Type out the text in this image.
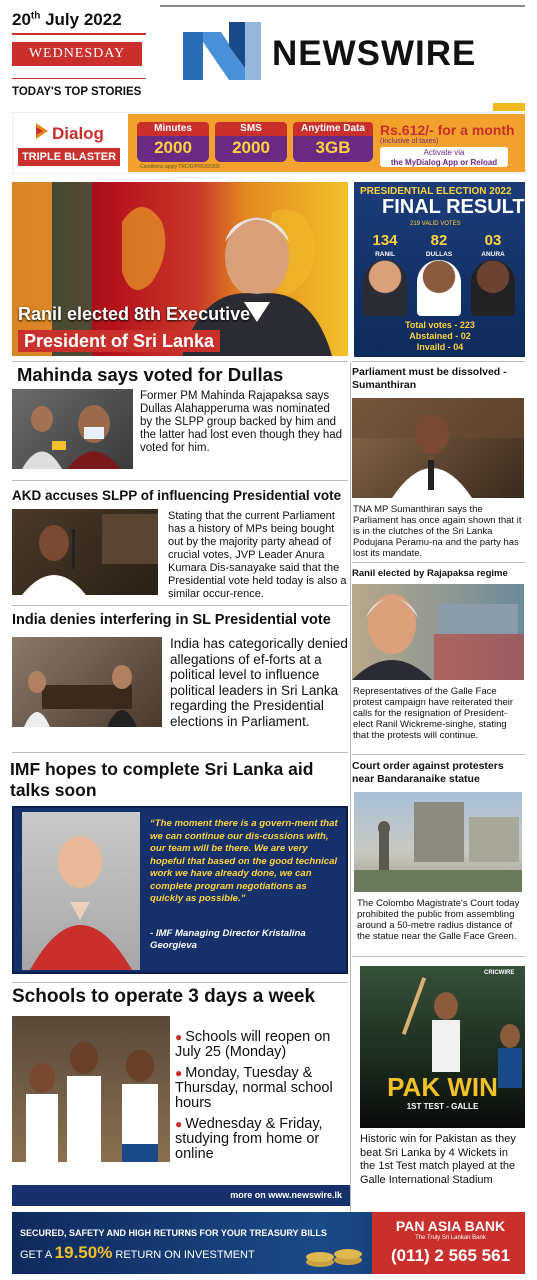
20th July 2022
WEDNESDAY
TODAY'S TOP STORIES
NEWSWIRE
Dialog
TRIPLE BLASTER
Minutes
2000
SMS
2000
Anytime Data
3GB
Rs.612/- for a month
(Inclusive of taxes)
Activate via
the MyDialog App or Reload
Conditions apply TRC/D/PRO/20/03
Ranil elected 8th Executive
President of Sri Lanka
PRESIDENTIAL ELECTION 2022
FINAL RESULT
219 VALID VOTES
134	82	03
RANIL	DULLAS	ANURA
Total votes - 223
Abstained - 02
Invaild - 04
Mahinda says voted for Dullas
Former PM Mahinda Rajapaksa says Dullas Alahapperuma was nominated by the SLPP group backed by him and the latter had lost even though they had voted for him.
AKD accuses SLPP of influencing Presidential vote
Stating that the current Parliament has a history of MPs being bought out by the majority party ahead of crucial votes, JVP Leader Anura Kumara Dis-sanayake said that the Presidential vote held today is also a similar occur-rence.
India denies interfering in SL Presidential vote
India has categorically denied allegations of ef-forts at a political level to influence political leaders in Sri Lanka regarding the Presidential elections in Parliament.
IMF hopes to complete Sri Lanka aid talks soon
“The moment there is a govern-ment that we can continue our dis-cussions with, our team will be there. We are very hopeful that based on the good technical work we have already done, we can complete program negotiations as quickly as possible.”
- IMF Managing Director Kristalina Georgieva
Schools to operate 3 days a week
● Schools will reopen on July 25 (Monday)
● Monday, Tuesday & Thursday, normal school hours
● Wednesday & Friday, studying from home or online
more on www.newswire.lk
Parliament must be dissolved - Sumanthiran
TNA MP Sumanthiran says the Parliament has once again shown that it is in the clutches of the Sri Lanka Podujana Peramu-na and the party has lost its mandate.
Ranil elected by Rajapaksa regime
Representatives of the Galle Face protest campaign have reiterated their calls for the resignation of President-elect Ranil Wickreme-singhe, stating that the protests will continue.
Court order against protesters near Bandaranaike statue
The Colombo Magistrate's Court today prohibited the public from assembling around a 50-metre radius distance of the statue near the Galle Face Green.
CRICWIRE
PAK WIN
1ST TEST - GALLE
Historic win for Pakistan as they beat Sri Lanka by 4 Wickets in the 1st Test match played at the Galle International Stadium
SECURED, SAFETY AND HIGH RETURNS FOR YOUR TREASURY BILLS
GET A 19.50% RETURN ON INVESTMENT
PAN ASIA BANK
The Truly Sri Lankan Bank
(011) 2 565 561
